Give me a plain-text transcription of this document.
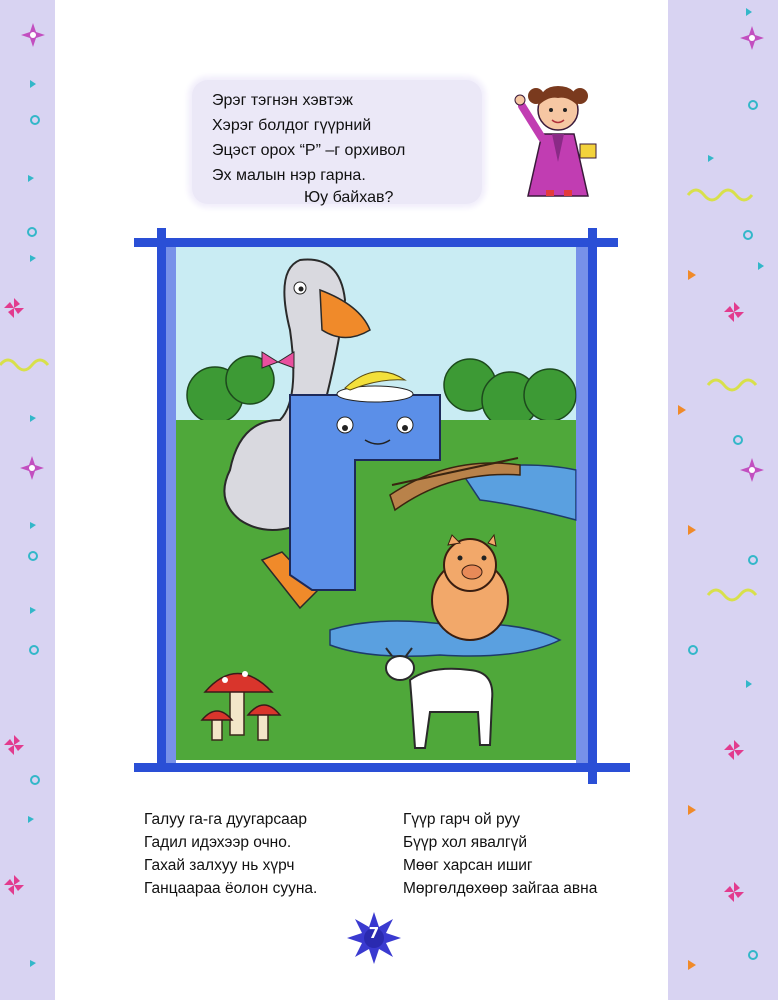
Эрэг тэгнэн хэвтэж
Хэрэг болдог гүүрний
Эцэст орох “Р” –г орхивол
Эх малын нэр гарна.
Юу байхав?
Галуу га-га дуугарсаар
Гадил идэхээр очно.
Гахай залхуу нь хүрч
Ганцаараа ёолон сууна.
Гүүр гарч ой руу
Бүүр хол явалгүй
Мөөг харсан ишиг
Мөргөлдөхөөр зайгаа авна
7
